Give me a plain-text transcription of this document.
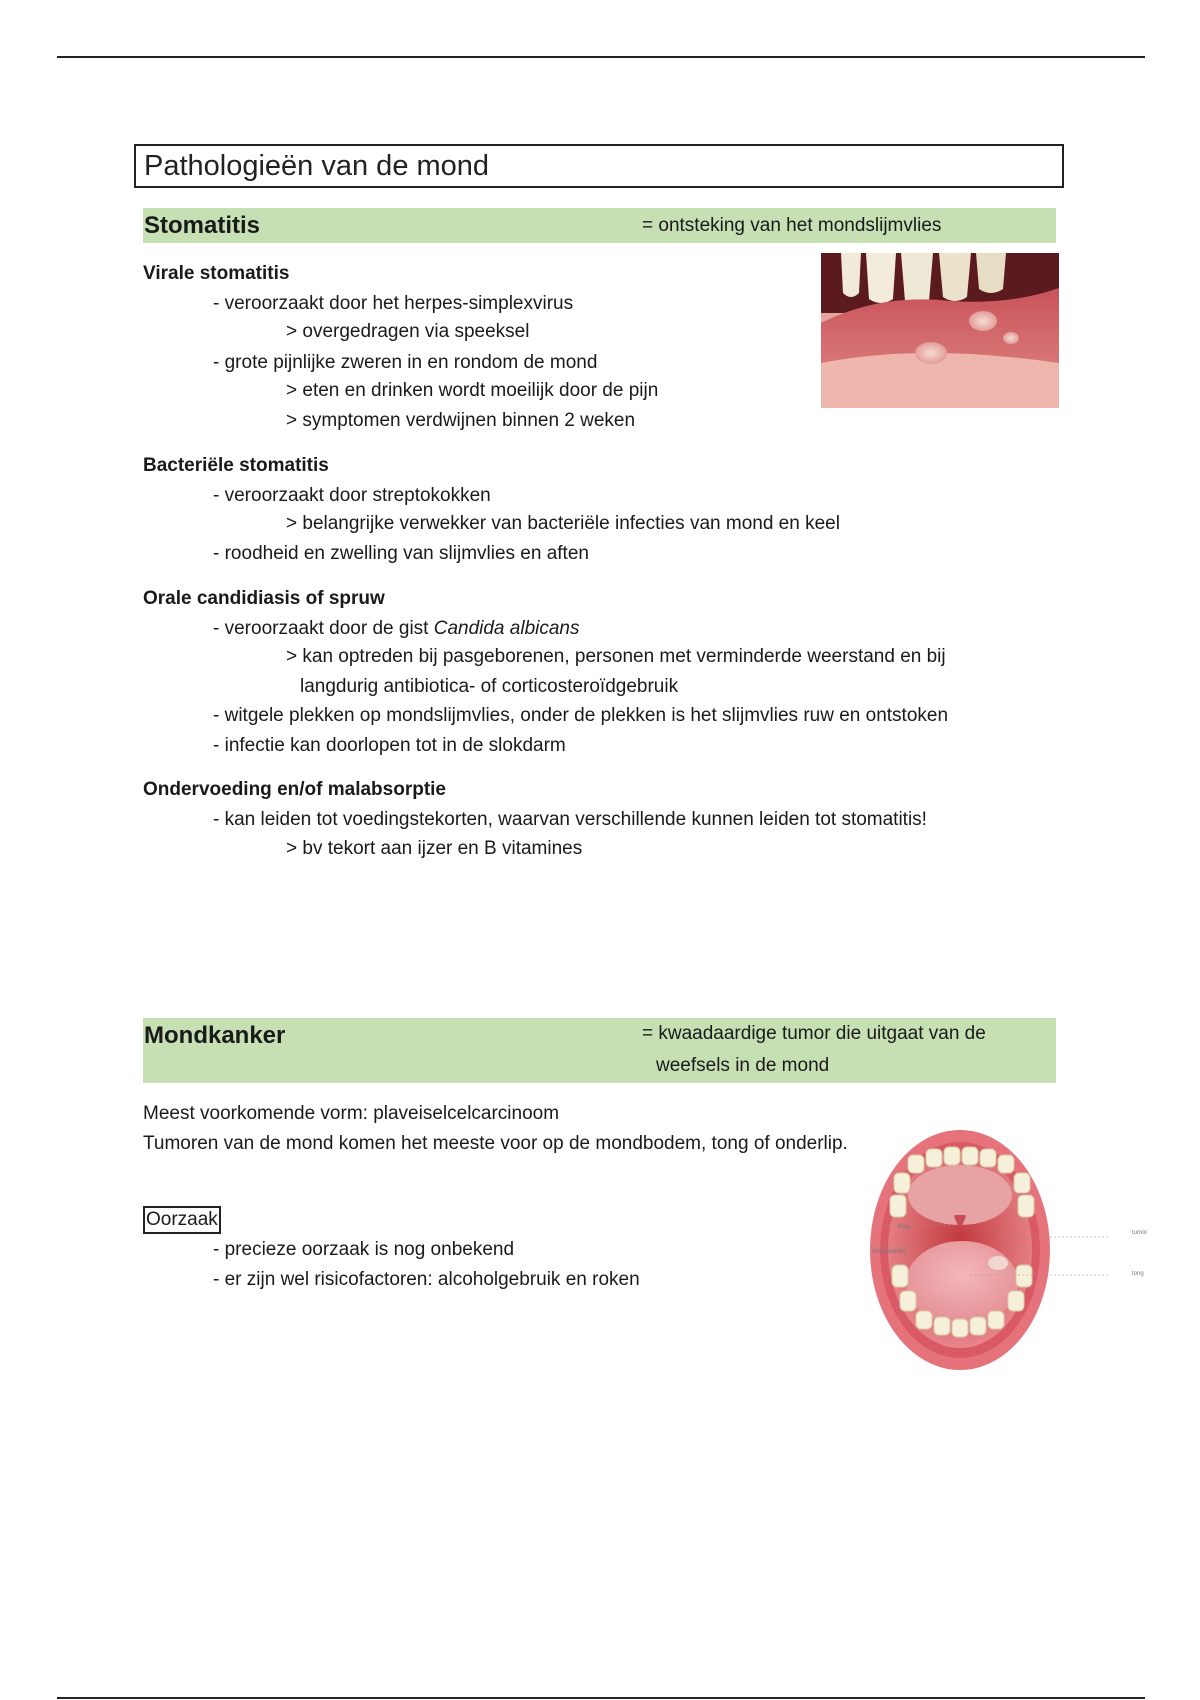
Pathologieën van de mond
Stomatitis	= ontsteking van het mondslijmvlies
Virale stomatitis
- veroorzaakt door het herpes-simplexvirus
> overgedragen via speeksel
- grote pijnlijke zweren in en rondom de mond
> eten en drinken wordt moeilijk door de pijn
> symptomen verdwijnen binnen 2 weken
Bacteriële stomatitis
- veroorzaakt door streptokokken
> belangrijke verwekker van bacteriële infecties van mond en keel
- roodheid en zwelling van slijmvlies en aften
Orale candidiasis of spruw
- veroorzaakt door de gist Candida albicans
> kan optreden bij pasgeborenen, personen met verminderde weerstand en bij
langdurig antibiotica- of corticosteroïdgebruik
- witgele plekken op mondslijmvlies, onder de plekken is het slijmvlies ruw en ontstoken
- infectie kan doorlopen tot in de slokdarm
Ondervoeding en/of malabsorptie
- kan leiden tot voedingstekorten, waarvan verschillende kunnen leiden tot stomatitis!
> bv tekort aan ijzer en B vitamines
Mondkanker	= kwaadaardige tumor die uitgaat van de
weefsels in de mond
Meest voorkomende vorm: plaveiselcelcarcinoom
Tumoren van de mond komen het meeste voor op de mondbodem, tong of onderlip.
Oorzaak
- precieze oorzaak is nog onbekend
- er zijn wel risicofactoren: alcoholgebruik en roken
huig
keelamandel
tumor
tong
